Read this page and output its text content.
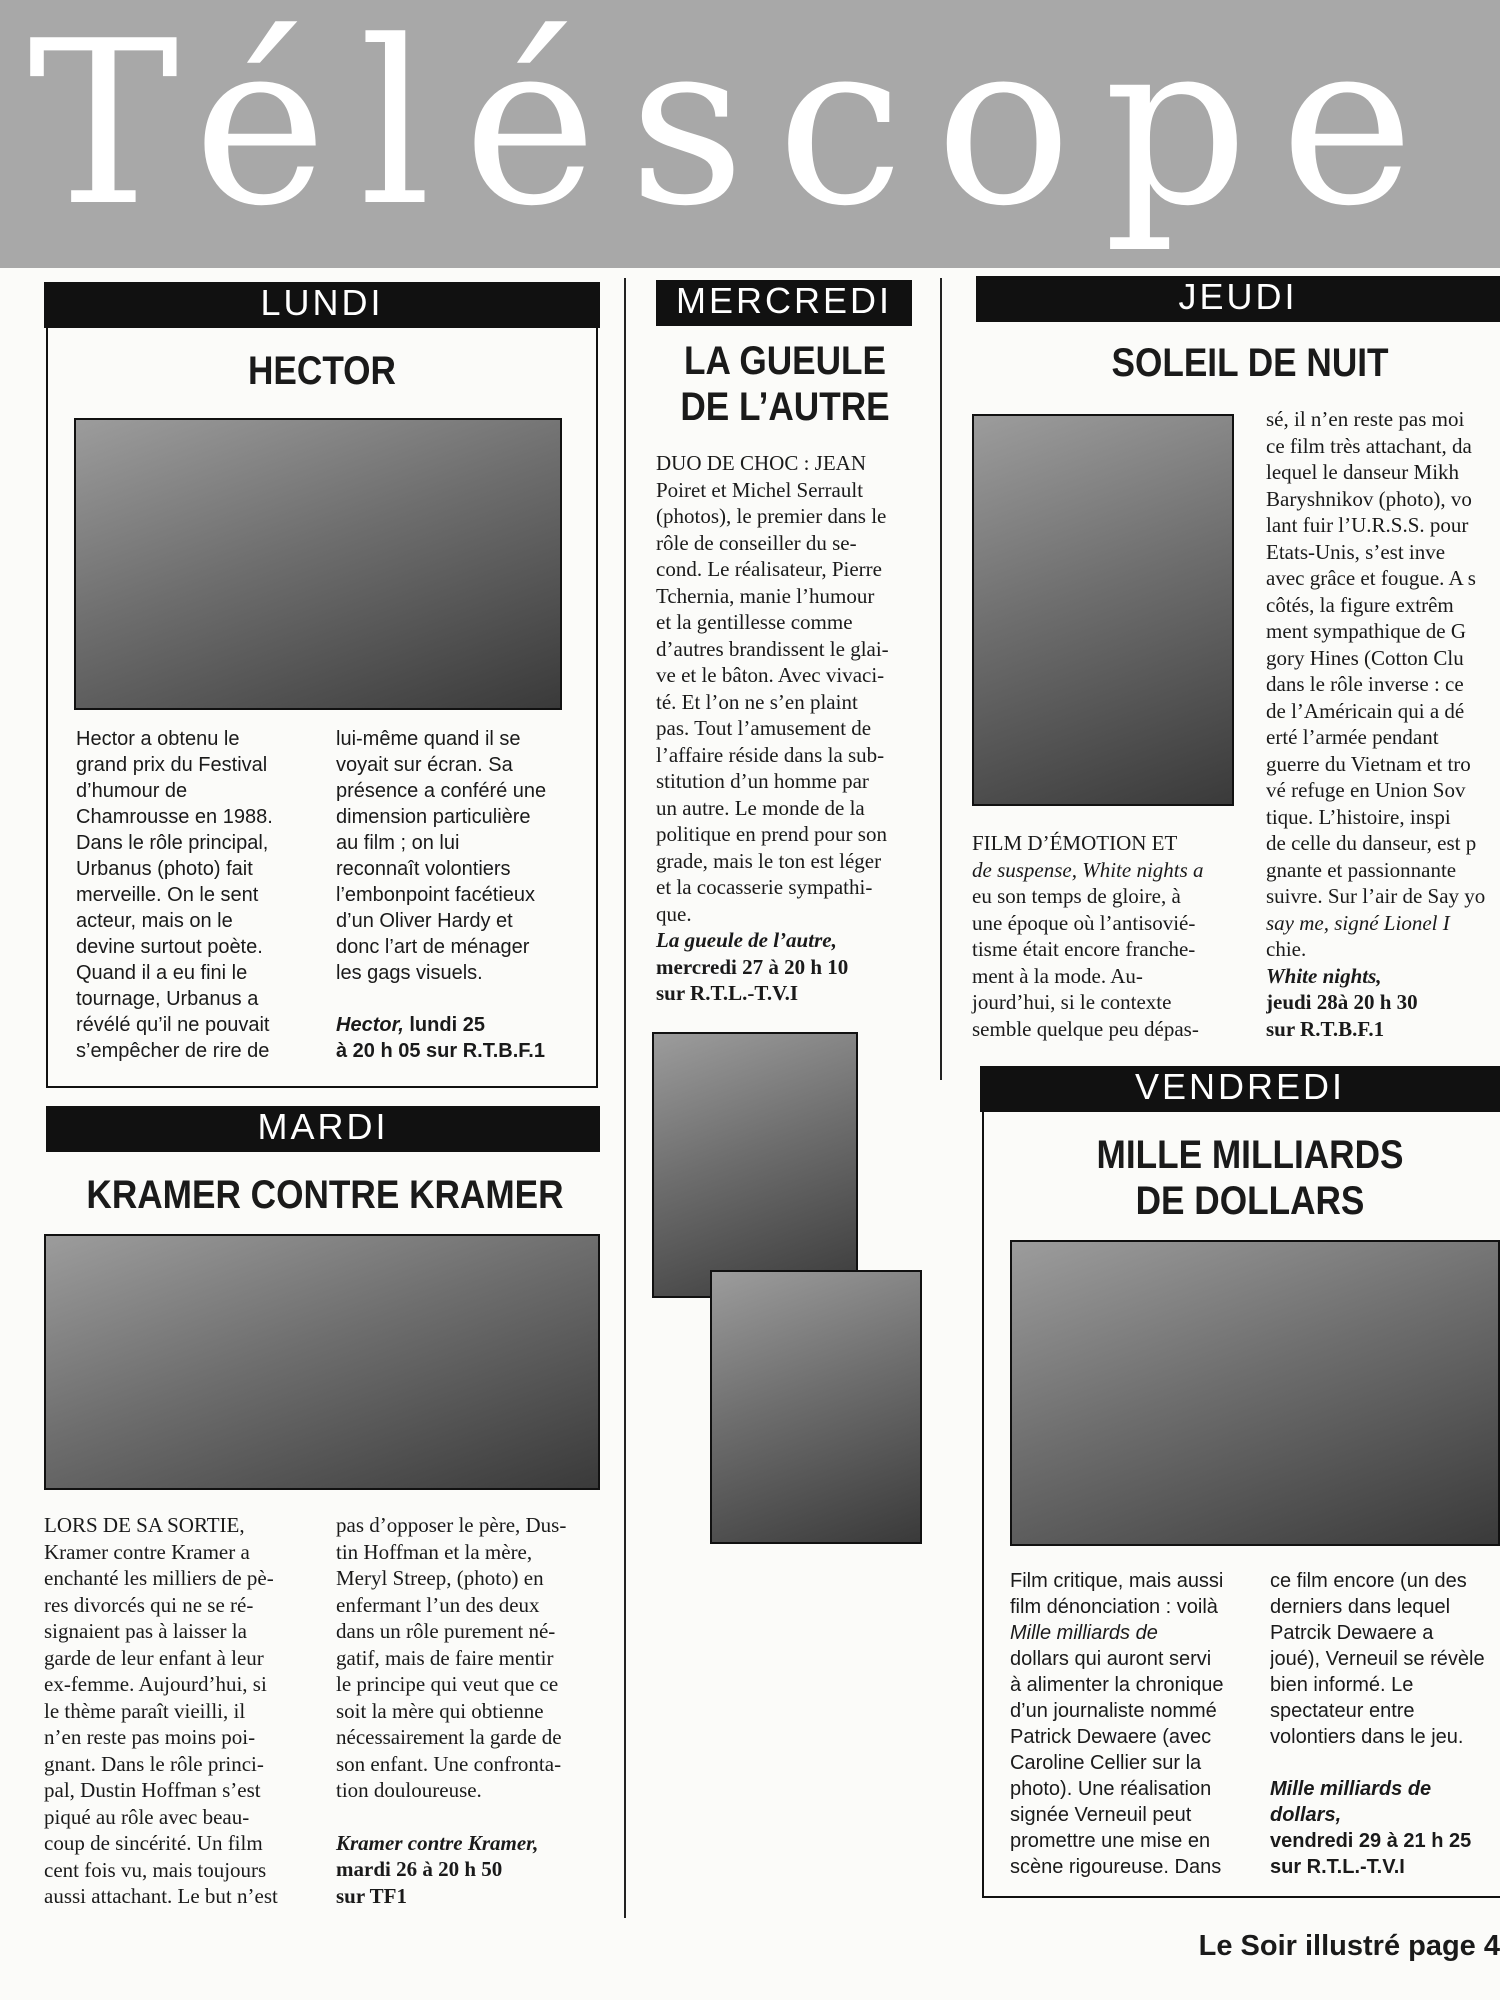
Téléscope
LUNDI
HECTOR
Hector a obtenu le
grand prix du Festival
d’humour de
Chamrousse en 1988.
Dans le rôle principal,
Urbanus (photo) fait
merveille. On le sent
acteur, mais on le
devine surtout poète.
Quand il a eu fini le
tournage, Urbanus a
révélé qu’il ne pouvait
s’empêcher de rire de
lui-même quand il se
voyait sur écran. Sa
présence a conféré une
dimension particulière
au film ; on lui
reconnaît volontiers
l’embonpoint facétieux
d’un Oliver Hardy et
donc l’art de ménager
les gags visuels.
Hector, lundi 25
à 20 h 05 sur R.T.B.F.1
MARDI
KRAMER CONTRE KRAMER
LORS DE SA SORTIE,
Kramer contre Kramer a
enchanté les milliers de pè-
res divorcés qui ne se ré-
signaient pas à laisser la
garde de leur enfant à leur
ex-femme. Aujourd’hui, si
le thème paraît vieilli, il
n’en reste pas moins poi-
gnant. Dans le rôle princi-
pal, Dustin Hoffman s’est
piqué au rôle avec beau-
coup de sincérité. Un film
cent fois vu, mais toujours
aussi attachant. Le but n’est
pas d’opposer le père, Dus-
tin Hoffman et la mère,
Meryl Streep, (photo) en
enfermant l’un des deux
dans un rôle purement né-
gatif, mais de faire mentir
le principe qui veut que ce
soit la mère qui obtienne
nécessairement la garde de
son enfant. Une confronta-
tion douloureuse.
Kramer contre Kramer,
mardi 26 à 20 h 50
sur TF1
MERCREDI
LA GUEULE
DE L’AUTRE
DUO DE CHOC : JEAN
Poiret et Michel Serrault
(photos), le premier dans le
rôle de conseiller du se-
cond. Le réalisateur, Pierre
Tchernia, manie l’humour
et la gentillesse comme
d’autres brandissent le glai-
ve et le bâton. Avec vivaci-
té. Et l’on ne s’en plaint
pas. Tout l’amusement de
l’affaire réside dans la sub-
stitution d’un homme par
un autre. Le monde de la
politique en prend pour son
grade, mais le ton est léger
et la cocasserie sympathi-
que.
La gueule de l’autre,
mercredi 27 à 20 h 10
sur R.T.L.-T.V.I
JEUDI
SOLEIL DE NUIT
FILM D’ÉMOTION ET
de suspense, White nights a
eu son temps de gloire, à
une époque où l’antisovié-
tisme était encore franche-
ment à la mode. Au-
jourd’hui, si le contexte
semble quelque peu dépas-
sé, il n’en reste pas moi
ce film très attachant, da
lequel le danseur Mikh
Baryshnikov (photo), vo
lant fuir l’U.R.S.S. pour
Etats-Unis, s’est inve
avec grâce et fougue. A s
côtés, la figure extrêm
ment sympathique de G
gory Hines (Cotton Clu
dans le rôle inverse : ce
de l’Américain qui a dé
erté l’armée pendant
guerre du Vietnam et tro
vé refuge en Union Sov
tique. L’histoire, inspi
de celle du danseur, est p
gnante et passionnante
suivre. Sur l’air de Say yo
say me, signé Lionel I
chie.
White nights,
jeudi 28à 20 h 30
sur R.T.B.F.1
VENDREDI
MILLE MILLIARDS
DE DOLLARS
Film critique, mais aussi
film dénonciation : voilà
Mille milliards de
dollars qui auront servi
à alimenter la chronique
d’un journaliste nommé
Patrick Dewaere (avec
Caroline Cellier sur la
photo). Une réalisation
signée Verneuil peut
promettre une mise en
scène rigoureuse. Dans
ce film encore (un des
derniers dans lequel
Patrcik Dewaere a
joué), Verneuil se révèle
bien informé. Le
spectateur entre
volontiers dans le jeu.
Mille milliards de
dollars,
vendredi 29 à 21 h 25
sur R.T.L.-T.V.I
Le Soir illustré page 4
